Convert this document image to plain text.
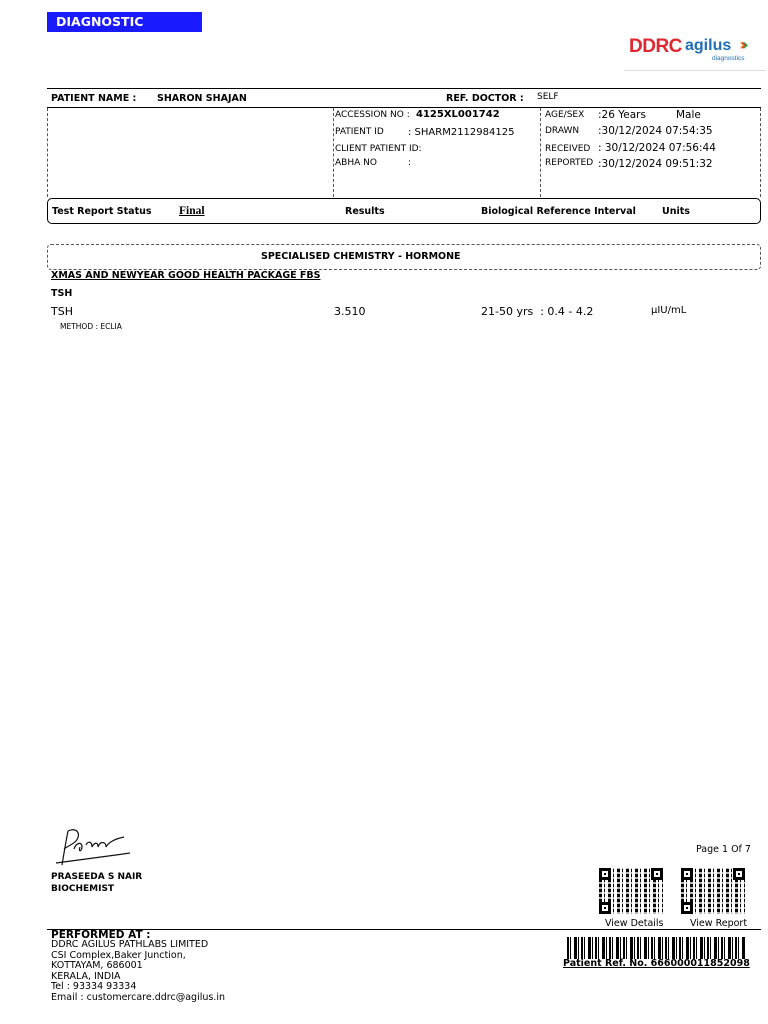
DIAGNOSTIC REPORT	DDRC agilus ›››
diagnostics
PATIENT NAME : SHARON SHAJAN	REF. DOCTOR : SELF
ACCESSION NO : 4125XL001742
PATIENT ID : SHARM2112984125
CLIENT PATIENT ID:
ABHA NO	:
AGE/SEX :26 Years	Male
DRAWN :30/12/2024 07:54:35
RECEIVED : 30/12/2024 07:56:44
REPORTED :30/12/2024 09:51:32
Test Report Status Final	Results	Biological Reference Interval	Units
SPECIALISED CHEMISTRY - HORMONE
XMAS AND NEWYEAR GOOD HEALTH PACKAGE FBS
TSH
TSH	3.510	21-50 yrs  : 0.4 - 4.2	μIU/mL
METHOD : ECLIA
PRASEEDA S NAIR
BIOCHEMIST
Page 1 Of 7
View Details	View Report
Patient Ref. No. 666000011852098
PERFORMED AT :
DDRC AGILUS PATHLABS LIMITED
CSI Complex,Baker Junction,
KOTTAYAM, 686001
KERALA, INDIA
Tel : 93334 93334
Email : customercare.ddrc@agilus.in
